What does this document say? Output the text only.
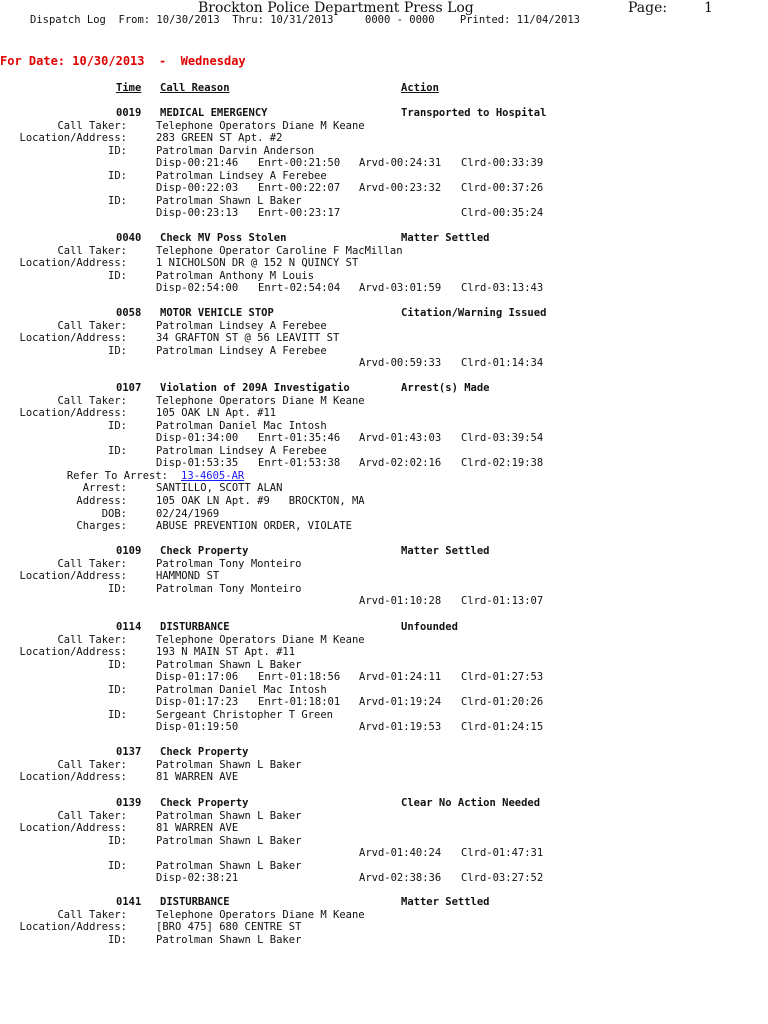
Brockton Police Department Press Log	Page:	1
Dispatch Log  From: 10/30/2013  Thru: 10/31/2013     0000 - 0000    Printed: 11/04/2013
For Date: 10/30/2013  -  Wednesday
Time Call Reason	Action
0019 MEDICAL EMERGENCY	Transported to Hospital
Call Taker:	Telephone Operators Diane M Keane
Location/Address:	283 GREEN ST Apt. #2
ID:	Patrolman Darvin Anderson
Disp-00:21:46 Enrt-00:21:50 Arvd-00:24:31 Clrd-00:33:39
ID:	Patrolman Lindsey A Ferebee
Disp-00:22:03 Enrt-00:22:07 Arvd-00:23:32 Clrd-00:37:26
ID:	Patrolman Shawn L Baker
Disp-00:23:13 Enrt-00:23:17	Clrd-00:35:24
0040 Check MV Poss Stolen	Matter Settled
Call Taker:	Telephone Operator Caroline F MacMillan
Location/Address:	1 NICHOLSON DR @ 152 N QUINCY ST
ID:	Patrolman Anthony M Louis
Disp-02:54:00 Enrt-02:54:04 Arvd-03:01:59 Clrd-03:13:43
0058 MOTOR VEHICLE STOP	Citation/Warning Issued
Call Taker:	Patrolman Lindsey A Ferebee
Location/Address:	34 GRAFTON ST @ 56 LEAVITT ST
ID:	Patrolman Lindsey A Ferebee
Arvd-00:59:33 Clrd-01:14:34
0107 Violation of 209A Investigatio	Arrest(s) Made
Call Taker:	Telephone Operators Diane M Keane
Location/Address:	105 OAK LN Apt. #11
ID:	Patrolman Daniel Mac Intosh
Disp-01:34:00 Enrt-01:35:46 Arvd-01:43:03 Clrd-03:39:54
ID:	Patrolman Lindsey A Ferebee
Disp-01:53:35 Enrt-01:53:38 Arvd-02:02:16 Clrd-02:19:38
Refer To Arrest: 13-4605-AR
Arrest:	SANTILLO, SCOTT ALAN
Address:	105 OAK LN Apt. #9   BROCKTON, MA
DOB:	02/24/1969
Charges:	ABUSE PREVENTION ORDER, VIOLATE
0109 Check Property	Matter Settled
Call Taker:	Patrolman Tony Monteiro
Location/Address:	HAMMOND ST
ID:	Patrolman Tony Monteiro
Arvd-01:10:28 Clrd-01:13:07
0114 DISTURBANCE	Unfounded
Call Taker:	Telephone Operators Diane M Keane
Location/Address:	193 N MAIN ST Apt. #11
ID:	Patrolman Shawn L Baker
Disp-01:17:06 Enrt-01:18:56 Arvd-01:24:11 Clrd-01:27:53
ID:	Patrolman Daniel Mac Intosh
Disp-01:17:23 Enrt-01:18:01 Arvd-01:19:24 Clrd-01:20:26
ID:	Sergeant Christopher T Green
Disp-01:19:50	Arvd-01:19:53 Clrd-01:24:15
0137 Check Property
Call Taker:	Patrolman Shawn L Baker
Location/Address:	81 WARREN AVE
0139 Check Property	Clear No Action Needed
Call Taker:	Patrolman Shawn L Baker
Location/Address:	81 WARREN AVE
ID:	Patrolman Shawn L Baker
Arvd-01:40:24 Clrd-01:47:31
ID:	Patrolman Shawn L Baker
Disp-02:38:21	Arvd-02:38:36 Clrd-03:27:52
0141 DISTURBANCE	Matter Settled
Call Taker:	Telephone Operators Diane M Keane
Location/Address:	[BRO 475] 680 CENTRE ST
ID:	Patrolman Shawn L Baker
